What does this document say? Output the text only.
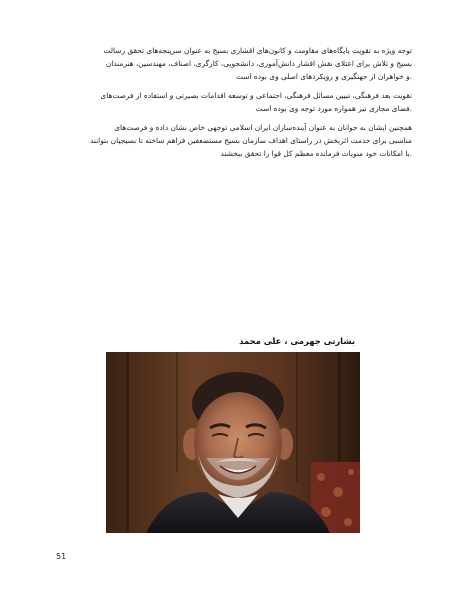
توجه ویژه به تقویت پایگاه‌های مقاومت و کانون‌های اقشاری بسیج به عنوان سرپنجه‌های تحقق رسالت
بسیج و تلاش برای اعتلای نقش اقشار دانش‌آموزی، دانشجویی، کارگری، اصناف، مهندسین، هنرمندان
.و خواهران از جهتگیری و رویکردهای اصلی وی بوده است
تقویت بعد فرهنگی، تبیین مسائل فرهنگی، اجتماعی و توسعه اقدامات بصیرتی و استفاده از فرصت‌های
.فضای مجازی نیز همواره مورد توجه وی بوده است
همچنین ایشان به جوانان به عنوان آینده‌سازان ایران اسلامی توجهی خاص نشان داده و فرصت‌های
مناسبی برای خدمت اثربخش در راستای اهداف سازمان بسیج مستضعفین فراهم ساخته تا بسیجیان بتوانند
.با امکانات خود منویات فرمانده معظم کل قوا را تحقق ببخشند
بشارتی جهرمی ، علی محمد
51
